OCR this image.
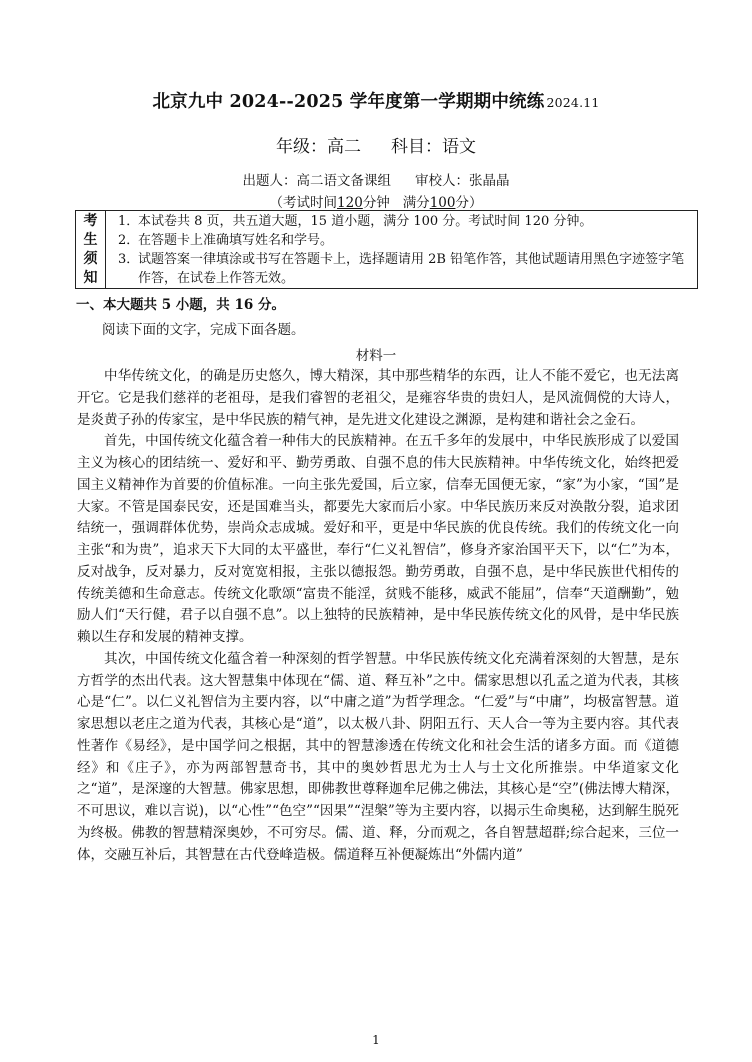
北京九中 2024--2025 学年度第一学期期中统练 2024.11
年级：高二 科目：语文
出题人：高二语文备课组 审校人：张晶晶
（考试时间120分钟 满分100分）
考
生
须
知
1．
本试卷共 8 页，共五道大题，15 道小题，满分 100 分。考试时间 120 分钟。
2．
在答题卡上准确填写姓名和学号。
3．
试题答案一律填涂或书写在答题卡上，选择题请用 2B 铅笔作答，其他试题请用黑色字迹签字笔作答，在试卷上作答无效。
一、本大题共 5 小题，共 16 分。
阅读下面的文字，完成下面各题。
材料一

中华传统文化，的确是历史悠久，博大精深，其中那些精华的东西，让人不能不爱它，也无法离开它。它是我们慈祥的老祖母，是我们睿智的老祖父，是雍容华贵的贵妇人，是风流倜傥的大诗人，是炎黄子孙的传家宝，是中华民族的精气神，是先进文化建设之渊源，是构建和谐社会之金石。

首先，中国传统文化蕴含着一种伟大的民族精神。在五千多年的发展中，中华民族形成了以爱国主义为核心的团结统一、爱好和平、勤劳勇敢、自强不息的伟大民族精神。中华传统文化，始终把爱国主义精神作为首要的价值标准。一向主张先爱国，后立家，信奉无国便无家，“家”为小家，“国”是大家。不管是国泰民安，还是国难当头，都要先大家而后小家。中华民族历来反对涣散分裂，追求团结统一，强调群体优势，崇尚众志成城。爱好和平，更是中华民族的优良传统。我们的传统文化一向主张“和为贵”，追求天下大同的太平盛世，奉行“仁义礼智信”，修身齐家治国平天下，以“仁”为本，反对战争，反对暴力，反对宽宽相报，主张以德报怨。勤劳勇敢，自强不息，是中华民族世代相传的传统美德和生命意志。传统文化歌颂“富贵不能淫，贫贱不能移，威武不能屈”，信奉“天道酬勤”，勉励人们“天行健，君子以自强不息”。以上独特的民族精神，是中华民族传统文化的风骨，是中华民族赖以生存和发展的精神支撑。

其次，中国传统文化蕴含着一种深刻的哲学智慧。中华民族传统文化充满着深刻的大智慧，是东方哲学的杰出代表。这大智慧集中体现在“儒、道、释互补”之中。儒家思想以孔孟之道为代表，其核心是“仁”。以仁义礼智信为主要内容，以“中庸之道”为哲学理念。“仁爱”与“中庸”，均极富智慧。道家思想以老庄之道为代表，其核心是“道”，以太极八卦、阴阳五行、天人合一等为主要内容。其代表性著作《易经》，是中国学问之根据，其中的智慧渗透在传统文化和社会生活的诸多方面。而《道德经》和《庄子》，亦为两部智慧奇书，其中的奥妙哲思尤为士人与士文化所推崇。中华道家文化之“道”，是深邃的大智慧。佛家思想，即佛教世尊释迦牟尼佛之佛法，其核心是“空”(佛法博大精深，不可思议，难以言说)，以“心性”“色空”“因果”“涅槃”等为主要内容，以揭示生命奥秘，达到解生脱死为终极。佛教的智慧精深奥妙，不可穷尽。儒、道、释，分而观之，各自智慧超群;综合起来，三位一体，交融互补后，其智慧在古代登峰造极。儒道释互补便凝炼出“外儒内道”

1
